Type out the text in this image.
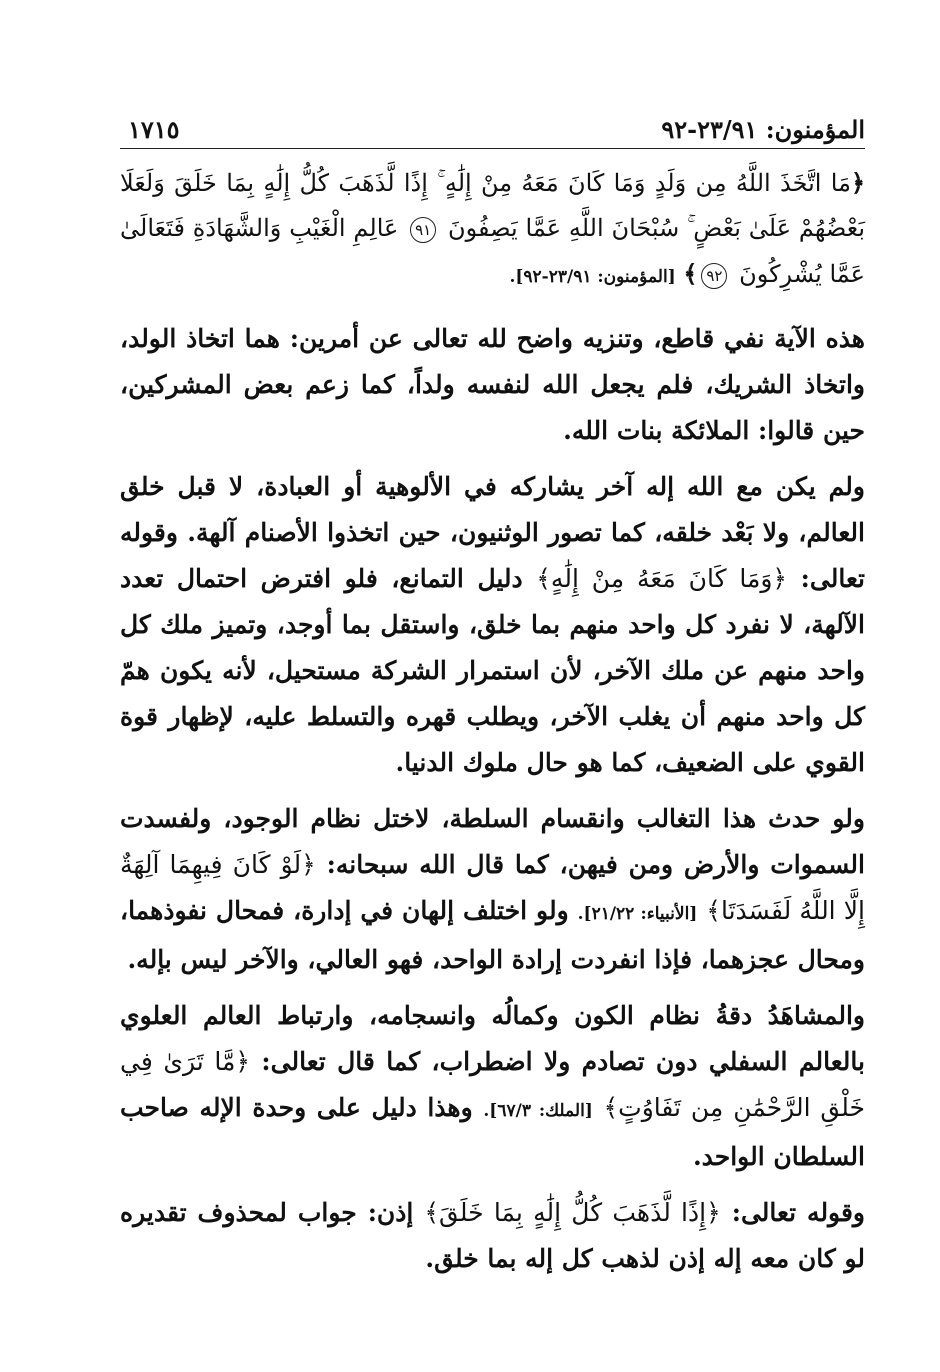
المؤمنون: ٢٣/٩١-٩٢
١٧١٥
﴿مَا اتَّخَذَ اللَّهُ مِن وَلَدٍ وَمَا كَانَ مَعَهُ مِنْ إِلَٰهٍ ۚ إِذًا لَّذَهَبَ كُلُّ إِلَٰهٍ بِمَا خَلَقَ وَلَعَلَا بَعْضُهُمْ عَلَىٰ بَعْضٍ ۚ سُبْحَانَ اللَّهِ عَمَّا يَصِفُونَ ٩١ عَالِمِ الْغَيْبِ وَالشَّهَادَةِ فَتَعَالَىٰ عَمَّا يُشْرِكُونَ ٩٢﴾ [المؤمنون: ٢٣/٩١-٩٢].

هذه الآية نفي قاطع، وتنزيه واضح لله تعالى عن أمرين: هما اتخاذ الولد، واتخاذ الشريك، فلم يجعل الله لنفسه ولداً، كما زعم بعض المشركين، حين قالوا: الملائكة بنات الله.

ولم يكن مع الله إله آخر يشاركه في الألوهية أو العبادة، لا قبل خلق العالم، ولا بَعْد خلقه، كما تصور الوثنيون، حين اتخذوا الأصنام آلهة. وقوله تعالى: ﴿وَمَا كَانَ مَعَهُ مِنْ إِلَٰهٍ﴾ دليل التمانع، فلو افترض احتمال تعدد الآلهة، لا نفرد كل واحد منهم بما خلق، واستقل بما أوجد، وتميز ملك كل واحد منهم عن ملك الآخر، لأن استمرار الشركة مستحيل، لأنه يكون همّ كل واحد منهم أن يغلب الآخر، ويطلب قهره والتسلط عليه، لإظهار قوة القوي على الضعيف، كما هو حال ملوك الدنيا.

ولو حدث هذا التغالب وانقسام السلطة، لاختل نظام الوجود، ولفسدت السموات والأرض ومن فيهن، كما قال الله سبحانه: ﴿لَوْ كَانَ فِيهِمَا آلِهَةٌ إِلَّا اللَّهُ لَفَسَدَتَا﴾ [الأنبياء: ٢١/٢٢]. ولو اختلف إلهان في إدارة، فمحال نفوذهما، ومحال عجزهما، فإذا انفردت إرادة الواحد، فهو العالي، والآخر ليس بإله.

والمشاهَدُ دقةُ نظام الكون وكمالُه وانسجامه، وارتباط العالم العلوي بالعالم السفلي دون تصادم ولا اضطراب، كما قال تعالى: ﴿مَّا تَرَىٰ فِي خَلْقِ الرَّحْمَٰنِ مِن تَفَاوُتٍ﴾ [الملك: ٦٧/٣]. وهذا دليل على وحدة الإله صاحب السلطان الواحد.

وقوله تعالى: ﴿إِذًا لَّذَهَبَ كُلُّ إِلَٰهٍ بِمَا خَلَقَ﴾ إذن: جواب لمحذوف تقديره لو كان معه إله إذن لذهب كل إله بما خلق.
